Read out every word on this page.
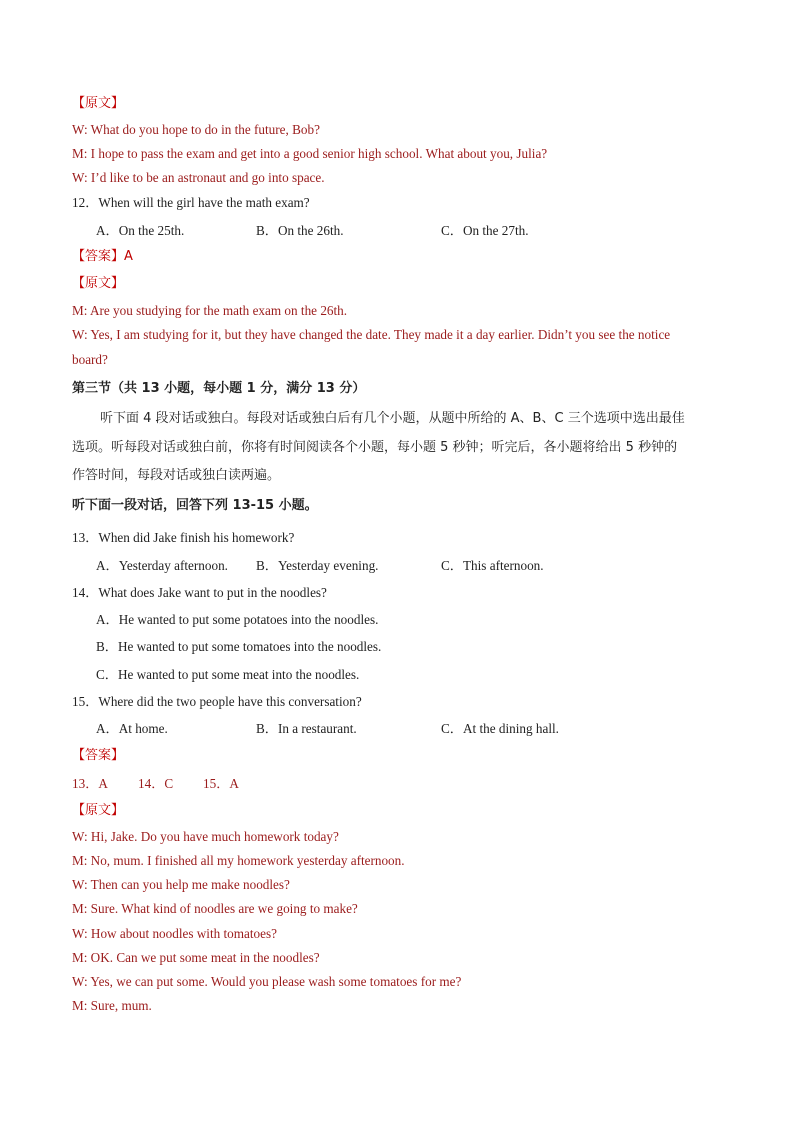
【原文】
W: What do you hope to do in the future, Bob?
M: I hope to pass the exam and get into a good senior high school. What about you, Julia?
W: I’d like to be an astronaut and go into space.
12．When will the girl have the math exam?
A．On the 25th.	B．On the 26th.	C．On the 27th.
【答案】A
【原文】
M: Are you studying for the math exam on the 26th.
W: Yes, I am studying for it, but they have changed the date. They made it a day earlier. Didn’t you see the notice
board?
第三节（共 13 小题，每小题 1 分，满分 13 分）
听下面 4 段对话或独白。每段对话或独白后有几个小题，从题中所给的 A、B、C 三个选项中选出最佳
选项。听每段对话或独白前，你将有时间阅读各个小题，每小题 5 秒钟；听完后，各小题将给出 5 秒钟的
作答时间，每段对话或独白读两遍。
听下面一段对话，回答下列 13-15 小题。
13．When did Jake finish his homework?
A．Yesterday afternoon. B．Yesterday evening.	C．This afternoon.
14．What does Jake want to put in the noodles?
A．He wanted to put some potatoes into the noodles.
B．He wanted to put some tomatoes into the noodles.
C．He wanted to put some meat into the noodles.
15．Where did the two people have this conversation?
A．At home.	B．In a restaurant.	C．At the dining hall.
【答案】
13．A 14．C 15．A
【原文】
W: Hi, Jake. Do you have much homework today?
M: No, mum. I finished all my homework yesterday afternoon.
W: Then can you help me make noodles?
M: Sure. What kind of noodles are we going to make?
W: How about noodles with tomatoes?
M: OK. Can we put some meat in the noodles?
W: Yes, we can put some. Would you please wash some tomatoes for me?
M: Sure, mum.
